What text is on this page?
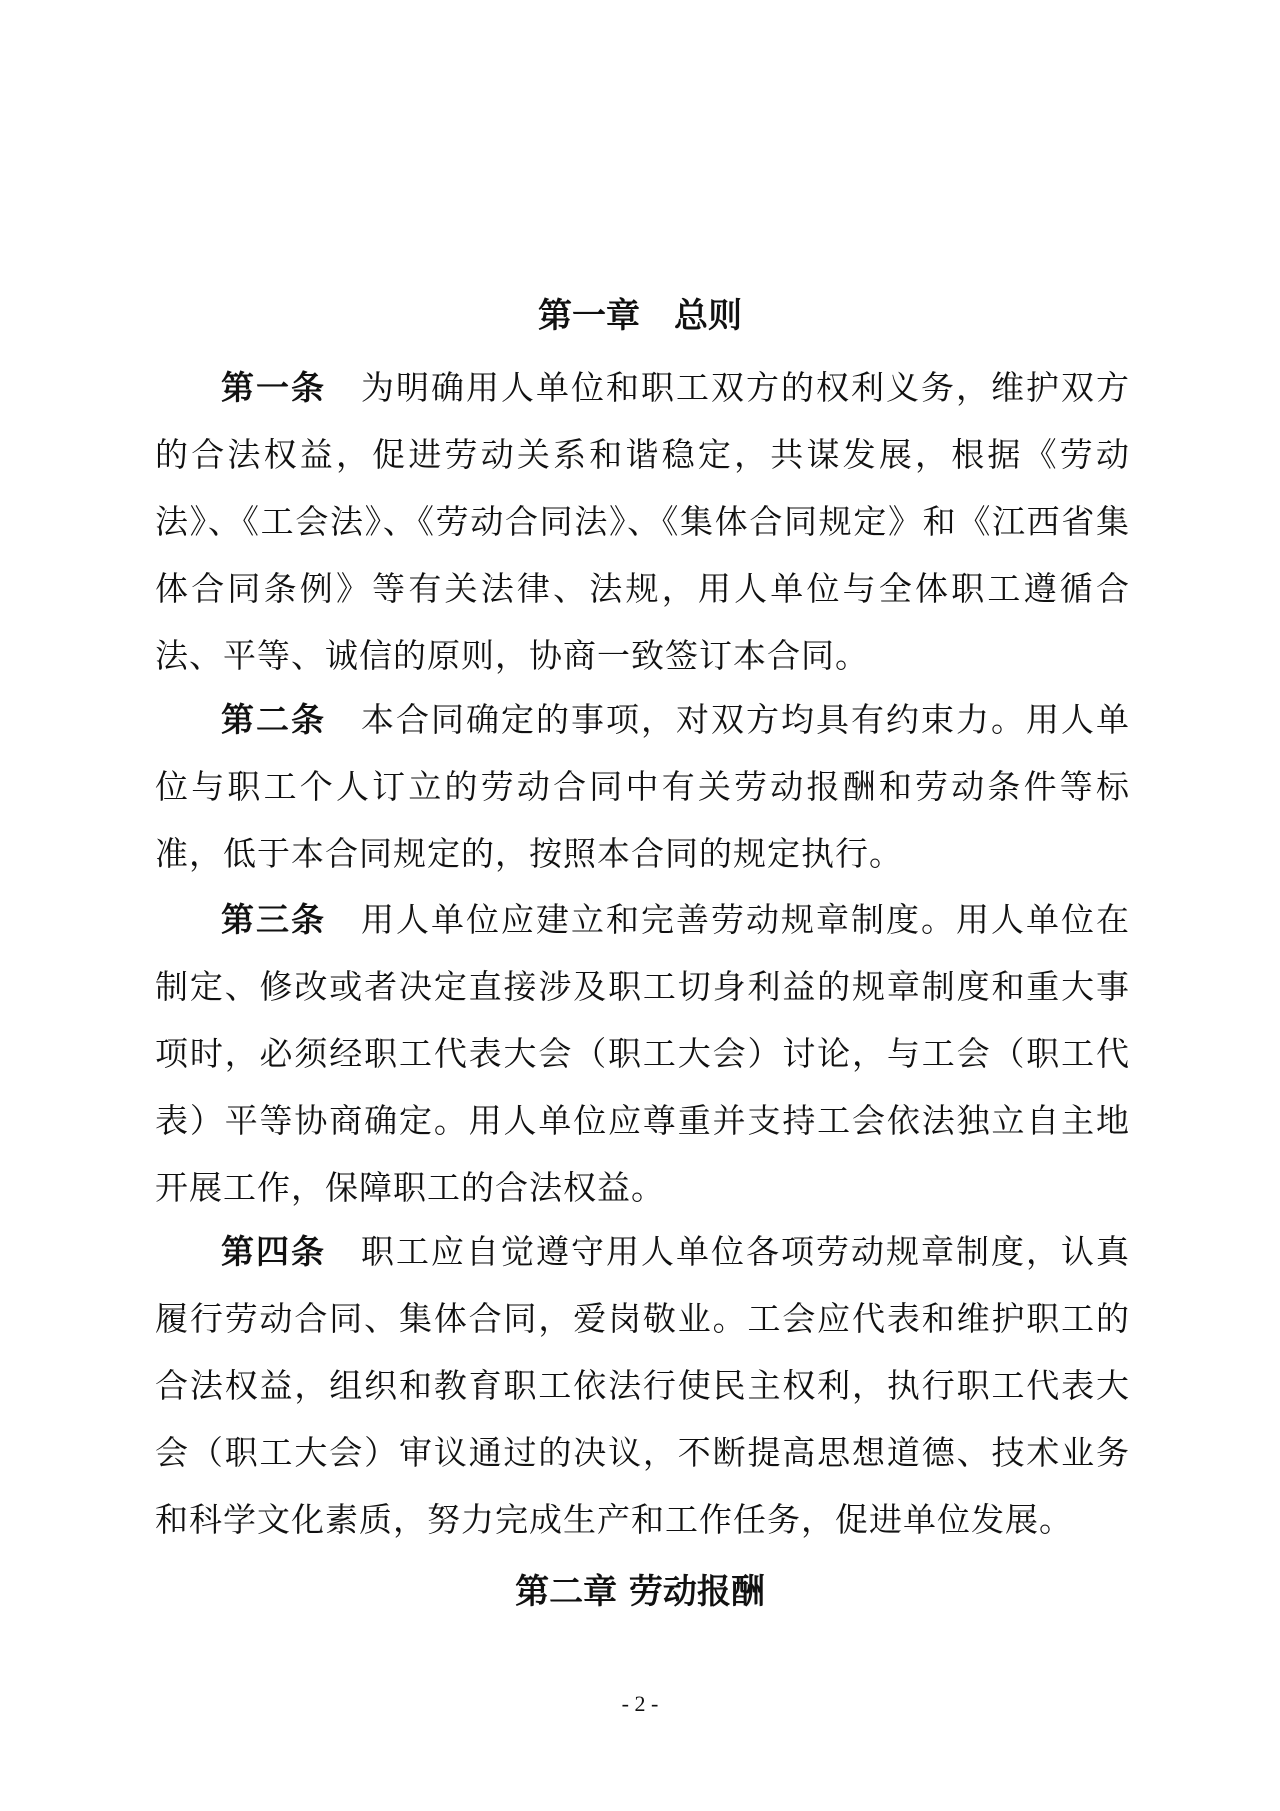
第一章　总则

第一条　 为明确用人单位和职工双方的权利义务，维护双方的合法权益，促进劳动关系和谐稳定，共谋发展，根据《劳动法》、《工会法》、《劳动合同法》、《集体合同规定》和《江西省集体合同条例》等有关法律、法规，用人单位与全体职工遵循合法、平等、诚信的原则，协商一致签订本合同。

第二条　 本合同确定的事项，对双方均具有约束力。用人单位与职工个人订立的劳动合同中有关劳动报酬和劳动条件等标准，低于本合同规定的，按照本合同的规定执行。

第三条　 用人单位应建立和完善劳动规章制度。用人单位在制定、修改或者决定直接涉及职工切身利益的规章制度和重大事项时，必须经职工代表大会（职工大会）讨论，与工会（职工代表）平等协商确定。用人单位应尊重并支持工会依法独立自主地开展工作，保障职工的合法权益。

第四条　 职工应自觉遵守用人单位各项劳动规章制度，认真履行劳动合同、集体合同，爱岗敬业。工会应代表和维护职工的合法权益，组织和教育职工依法行使民主权利，执行职工代表大会（职工大会）审议通过的决议，不断提高思想道德、技术业务和科学文化素质，努力完成生产和工作任务，促进单位发展。

第二章 劳动报酬

- 2 -
